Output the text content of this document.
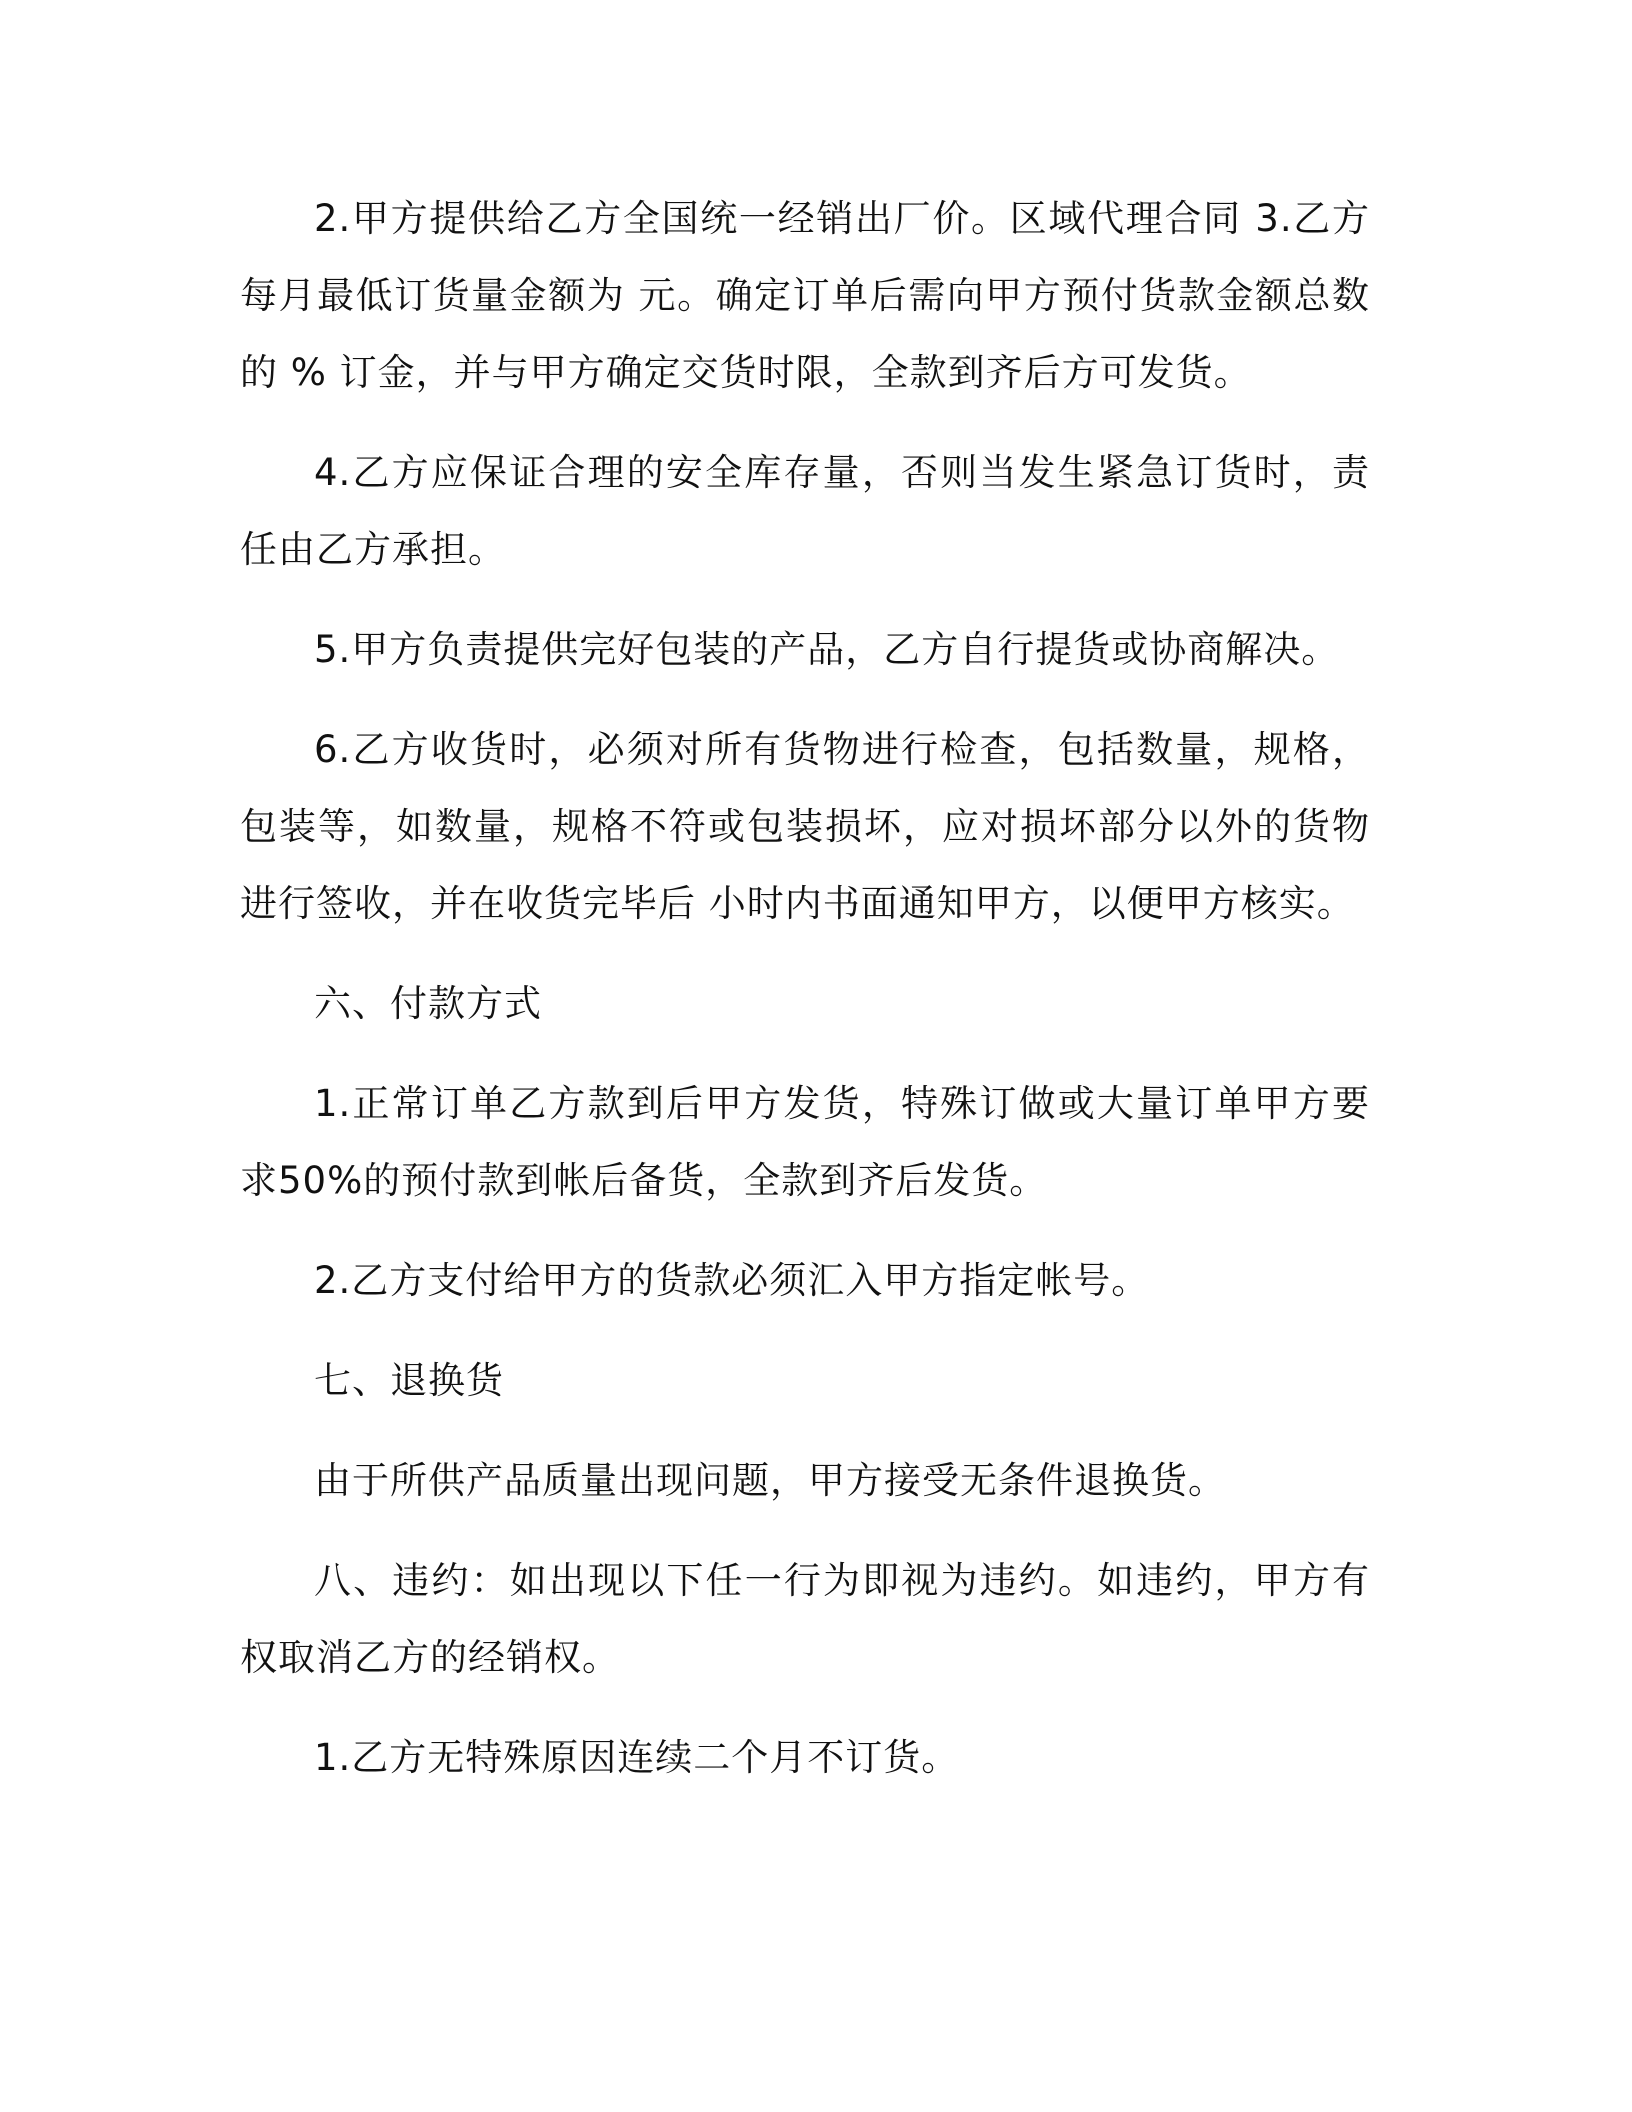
2.甲方提供给乙方全国统一经销出厂价。区域代理合同 3.乙方每月最低订货量金额为 元。确定订单后需向甲方预付货款金额总数的 % 订金，并与甲方确定交货时限，全款到齐后方可发货。

4.乙方应保证合理的安全库存量，否则当发生紧急订货时，责任由乙方承担。

5.甲方负责提供完好包装的产品，乙方自行提货或协商解决。

6.乙方收货时，必须对所有货物进行检查，包括数量，规格，包装等，如数量，规格不符或包装损坏，应对损坏部分以外的货物进行签收，并在收货完毕后 小时内书面通知甲方，以便甲方核实。

六、付款方式

1.正常订单乙方款到后甲方发货，特殊订做或大量订单甲方要求50%的预付款到帐后备货，全款到齐后发货。

2.乙方支付给甲方的货款必须汇入甲方指定帐号。

七、退换货

由于所供产品质量出现问题，甲方接受无条件退换货。

八、违约：如出现以下任一行为即视为违约。如违约，甲方有权取消乙方的经销权。

1.乙方无特殊原因连续二个月不订货。
